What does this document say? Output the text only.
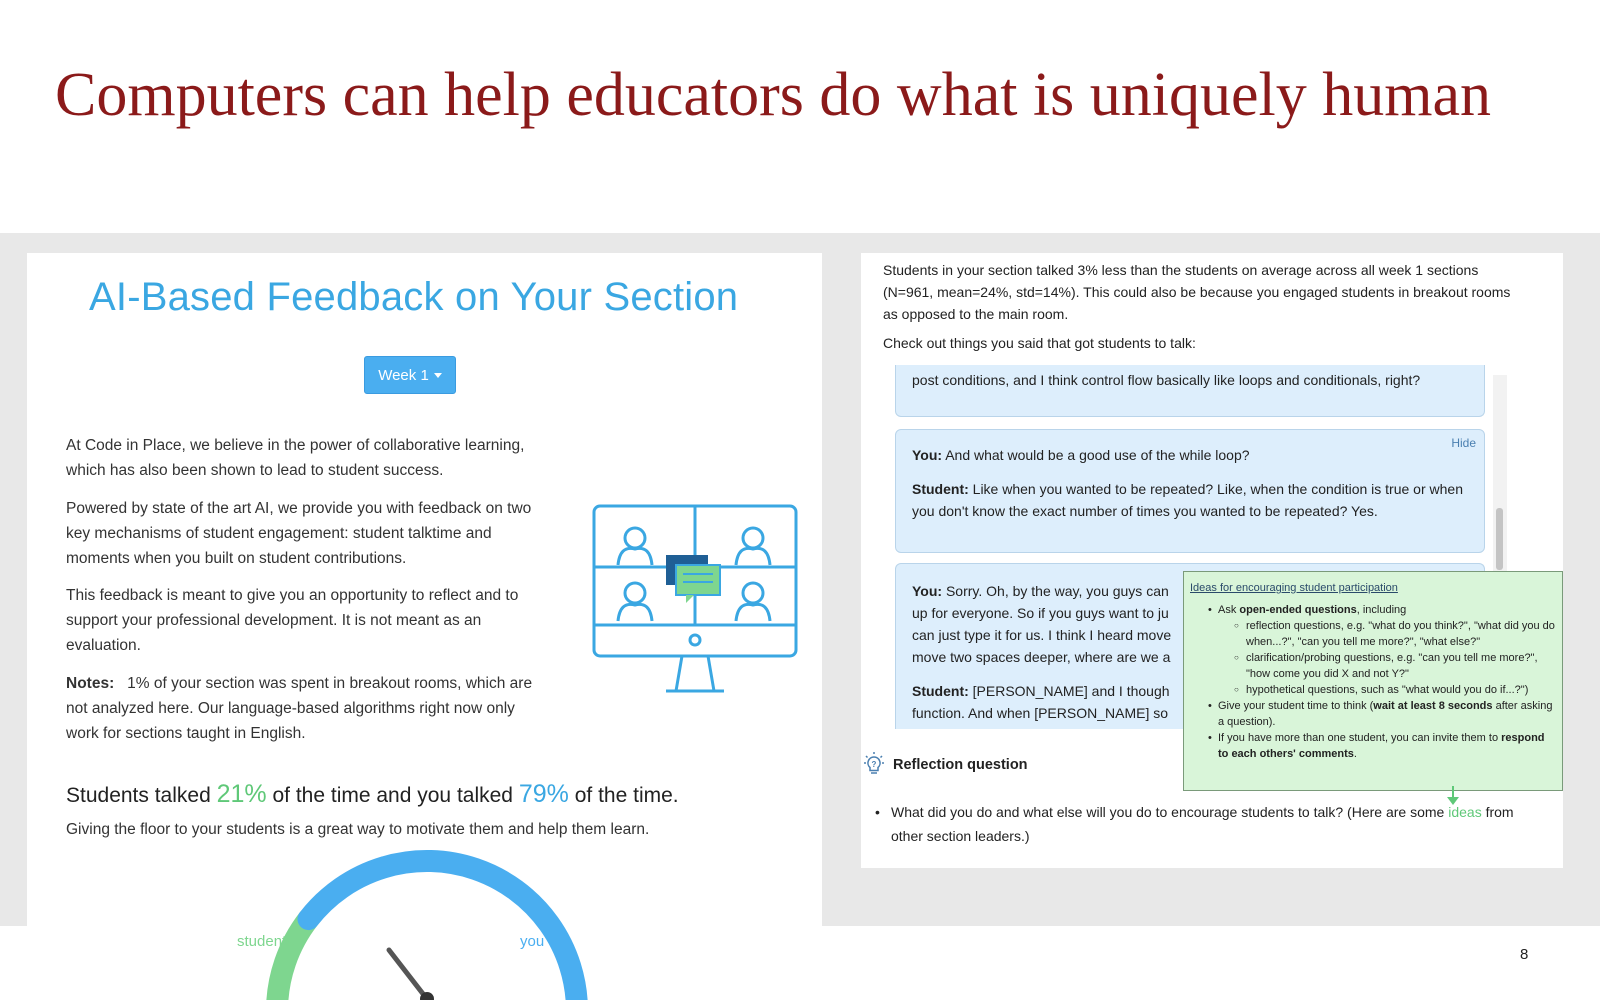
Computers can help educators do what is uniquely human
AI-Based Feedback on Your Section
Week 1
At Code in Place, we believe in the power of collaborative learning, which has also been shown to lead to student success.
Powered by state of the art AI, we provide you with feedback on two key mechanisms of student engagement: student talktime and moments when you built on student contributions.
This feedback is meant to give you an opportunity to reflect and to support your professional development. It is not meant as an evaluation.
Notes: 1% of your section was spent in breakout rooms, which are not analyzed here. Our language-based algorithms right now only work for sections taught in English.
Students talked 21% of the time and you talked 79% of the time.
Giving the floor to your students is a great way to motivate them and help them learn.
students	you
Students in your section talked 3% less than the students on average across all week 1 sections (N=961, mean=24%, std=14%). This could also be because you engaged students in breakout rooms as opposed to the main room.
Check out things you said that got students to talk:
post conditions, and I think control flow basically like loops and conditionals, right?
Hide
You: And what would be a good use of the while loop?
Student: Like when you wanted to be repeated? Like, when the condition is true or when you don't know the exact number of times you wanted to be repeated? Yes.
You: Sorry. Oh, by the way, you guys can up for everyone. So if you guys want to ju can just type it for us. I think I heard move move two spaces deeper, where are we a
Student: [PERSON_NAME] and I though function. And when [PERSON_NAME] so
Ideas for encouraging student participation
• Ask open-ended questions, including
○ reflection questions, e.g. "what do you think?", "what did you do when...?", "can you tell me more?", "what else?"
○ clarification/probing questions, e.g. "can you tell me more?", "how come you did X and not Y?"
○ hypothetical questions, such as "what would you do if...?")
• Give your student time to think (wait at least 8 seconds after asking a question).
• If you have more than one student, you can invite them to respond to each others' comments.
? Reflection question
• What did you do and what else will you do to encourage students to talk? (Here are some ideas from other section leaders.)
8
